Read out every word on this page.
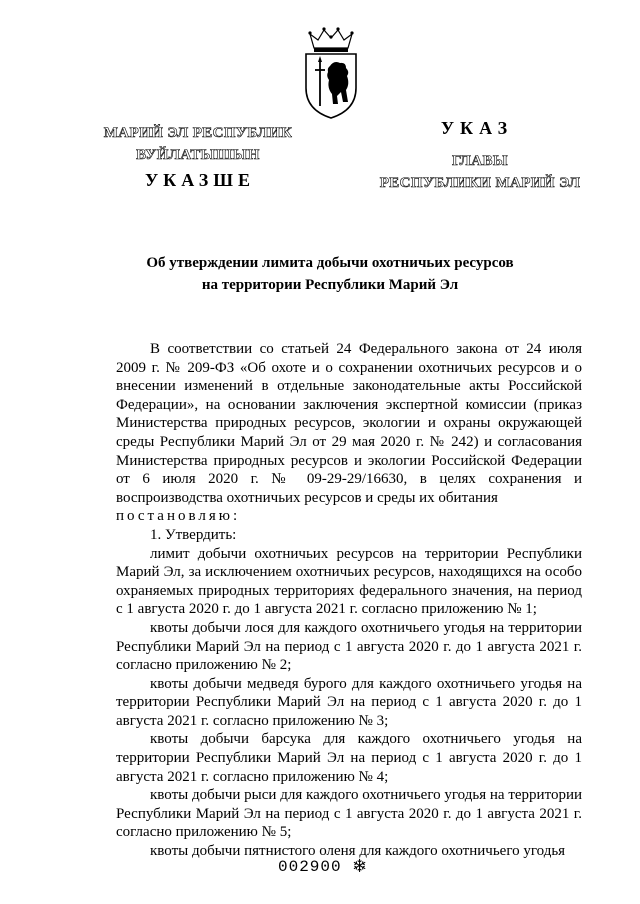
МАРИЙ ЭЛ РЕСПУБЛИК
ВУЙЛАТЫШЫН
УКАЗШЕ
УКАЗ
ГЛАВЫ
РЕСПУБЛИКИ МАРИЙ ЭЛ
Об утверждении лимита добычи охотничьих ресурсов
на территории Республики Марий Эл

В соответствии со статьей 24 Федерального закона от 24 июля 2009 г. № 209-ФЗ «Об охоте и о сохранении охотничьих ресурсов и о внесении изменений в отдельные законодательные акты Российской Федерации», на основании заключения экспертной комиссии (приказ Министерства природных ресурсов, экологии и охраны окружающей среды Республики Марий Эл от 29 мая 2020 г. № 242) и согласования Министерства природных ресурсов и экологии Российской Федерации от 6 июля 2020 г. № 09-29-29/16630, в целях сохранения и воспроизводства охотничьих ресурсов и среды их обитания

постановляю:

1. Утвердить:

лимит добычи охотничьих ресурсов на территории Республики Марий Эл, за исключением охотничьих ресурсов, находящихся на особо охраняемых природных территориях федерального значения, на период с 1 августа 2020 г. до 1 августа 2021 г. согласно приложению № 1;

квоты добычи лося для каждого охотничьего угодья на территории Республики Марий Эл на период с 1 августа 2020 г. до 1 августа 2021 г. согласно приложению № 2;

квоты добычи медведя бурого для каждого охотничьего угодья на территории Республики Марий Эл на период с 1 августа 2020 г. до 1 августа 2021 г. согласно приложению № 3;

квоты добычи барсука для каждого охотничьего угодья на территории Республики Марий Эл на период с 1 августа 2020 г. до 1 августа 2021 г. согласно приложению № 4;

квоты добычи рыси для каждого охотничьего угодья на территории Республики Марий Эл на период с 1 августа 2020 г. до 1 августа 2021 г. согласно приложению № 5;

квоты добычи пятнистого оленя для каждого охотничьего угодья

002900 ❄
